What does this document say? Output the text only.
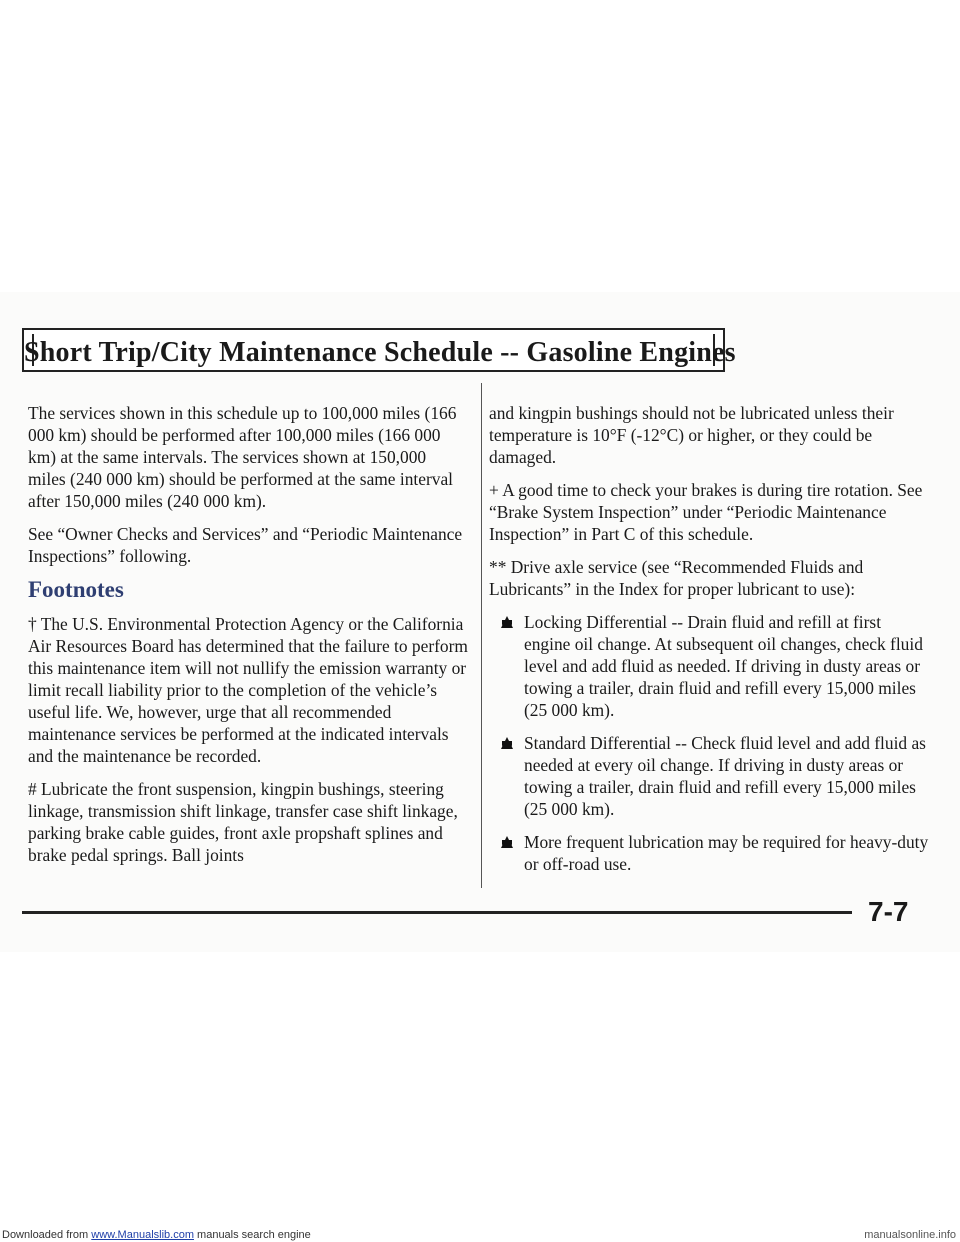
Short Trip/City Maintenance Schedule -- Gasoline Engines

The services shown in this schedule up to 100,000 miles (166 000 km) should be performed after 100,000 miles (166 000 km) at the same intervals. The services shown at 150,000 miles (240 000 km) should be performed at the same interval after 150,000 miles (240 000 km).

See “Owner Checks and Services” and “Periodic Maintenance Inspections” following.

Footnotes

† The U.S. Environmental Protection Agency or the California Air Resources Board has determined that the failure to perform this maintenance item will not nullify the emission warranty or limit recall liability prior to the completion of the vehicle’s useful life. We, however, urge that all recommended maintenance services be performed at the indicated intervals and the maintenance be recorded.

# Lubricate the front suspension, kingpin bushings, steering linkage, transmission shift linkage, transfer case shift linkage, parking brake cable guides, front axle propshaft splines and brake pedal springs. Ball joints

and kingpin bushings should not be lubricated unless their temperature is 10°F (-12°C) or higher, or they could be damaged.

+ A good time to check your brakes is during tire rotation. See “Brake System Inspection” under “Periodic Maintenance Inspection” in Part C of this schedule.

** Drive axle service (see “Recommended Fluids and Lubricants” in the Index for proper lubricant to use):

Locking Differential -- Drain fluid and refill at first engine oil change. At subsequent oil changes, check fluid level and add fluid as needed. If driving in dusty areas or towing a trailer, drain fluid and refill every 15,000 miles (25 000 km).
Standard Differential -- Check fluid level and add fluid as needed at every oil change. If driving in dusty areas or towing a trailer, drain fluid and refill every 15,000 miles (25 000 km).
More frequent lubrication may be required for heavy-duty or off-road use.
7-7
Downloaded from www.Manualslib.com manuals search engine	manualsonline.info
